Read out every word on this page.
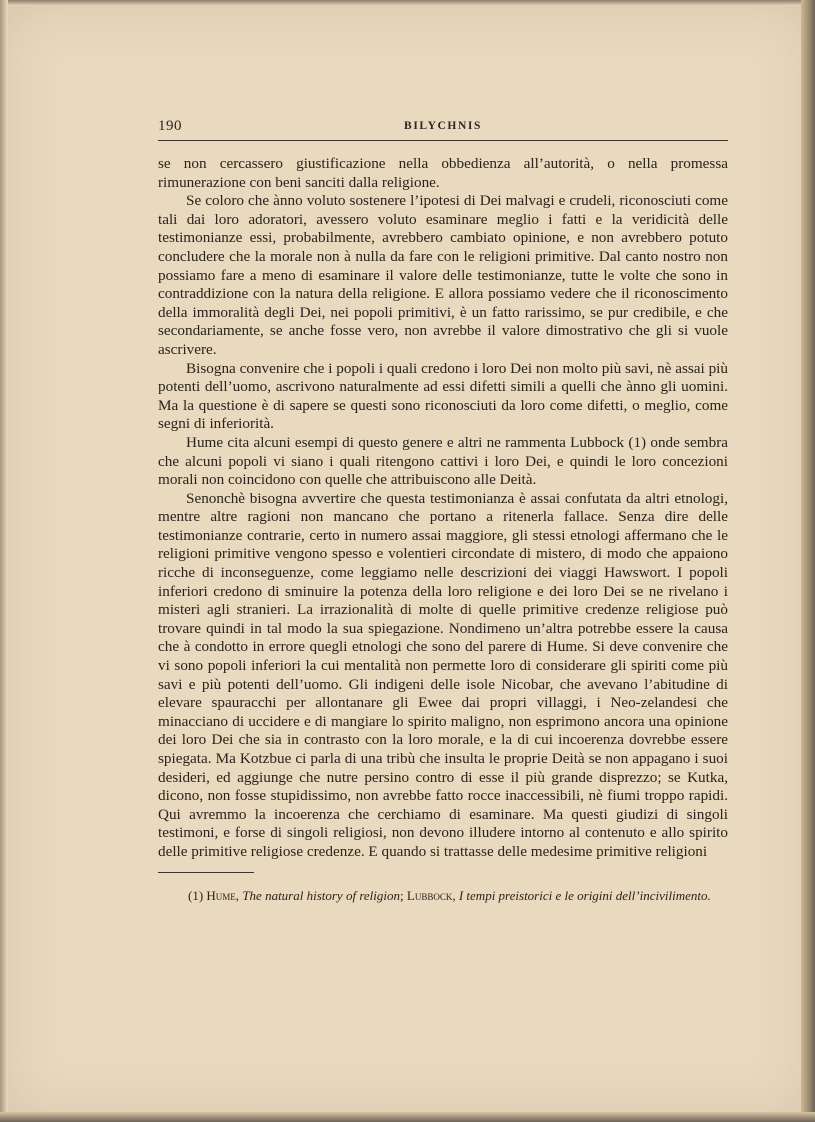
190	BILYCHNIS

se non cercassero giustificazione nella obbedienza all’autorità, o nella promessa rimunerazione con beni sanciti dalla religione.

Se coloro che ànno voluto sostenere l’ipotesi di Dei malvagi e crudeli, riconosciuti come tali dai loro adoratori, avessero voluto esaminare meglio i fatti e la veridicità delle testimonianze essi, probabilmente, avrebbero cambiato opinione, e non avrebbero potuto concludere che la morale non à nulla da fare con le religioni primitive. Dal canto nostro non possiamo fare a meno di esaminare il valore delle testimonianze, tutte le volte che sono in contraddizione con la natura della religione. E allora possiamo vedere che il riconoscimento della immoralità degli Dei, nei popoli primitivi, è un fatto rarissimo, se pur credibile, e che secondariamente, se anche fosse vero, non avrebbe il valore dimostrativo che gli si vuole ascrivere.

Bisogna convenire che i popoli i quali credono i loro Dei non molto più savi, nè assai più potenti dell’uomo, ascrivono naturalmente ad essi difetti simili a quelli che ànno gli uomini. Ma la questione è di sapere se questi sono riconosciuti da loro come difetti, o meglio, come segni di inferiorità.

Hume cita alcuni esempi di questo genere e altri ne rammenta Lubbock (1) onde sembra che alcuni popoli vi siano i quali ritengono cattivi i loro Dei, e quindi le loro concezioni morali non coincidono con quelle che attribuiscono alle Deità.

Senonchè bisogna avvertire che questa testimonianza è assai confutata da altri etnologi, mentre altre ragioni non mancano che portano a ritenerla fallace. Senza dire delle testimonianze contrarie, certo in numero assai maggiore, gli stessi etnologi affermano che le religioni primitive vengono spesso e volentieri circondate di mistero, di modo che appaiono ricche di inconseguenze, come leggiamo nelle descrizioni dei viaggi Hawswort. I popoli inferiori credono di sminuire la potenza della loro religione e dei loro Dei se ne rivelano i misteri agli stranieri. La irrazionalità di molte di quelle primitive credenze religiose può trovare quindi in tal modo la sua spiegazione. Nondimeno un’altra potrebbe essere la causa che à condotto in errore quegli etnologi che sono del parere di Hume. Si deve convenire che vi sono popoli inferiori la cui mentalità non permette loro di considerare gli spiriti come più savi e più potenti dell’uomo. Gli indigeni delle isole Nicobar, che avevano l’abitudine di elevare spauracchi per allontanare gli Ewee dai propri villaggi, i Neo-zelandesi che minacciano di uccidere e di mangiare lo spirito maligno, non esprimono ancora una opinione dei loro Dei che sia in contrasto con la loro morale, e la di cui incoerenza dovrebbe essere spiegata. Ma Kotzbue ci parla di una tribù che insulta le proprie Deità se non appagano i suoi desideri, ed aggiunge che nutre persino contro di esse il più grande disprezzo; se Kutka, dicono, non fosse stupidissimo, non avrebbe fatto rocce inaccessibili, nè fiumi troppo rapidi. Qui avremmo la incoerenza che cerchiamo di esaminare. Ma questi giudizi di singoli testimoni, e forse di singoli religiosi, non devono illudere intorno al contenuto e allo spirito delle primitive religiose credenze. E quando si trattasse delle medesime primitive religioni

(1) Hume, The natural history of religion; Lubbock, I tempi preistorici e le origini dell’incivilimento.
